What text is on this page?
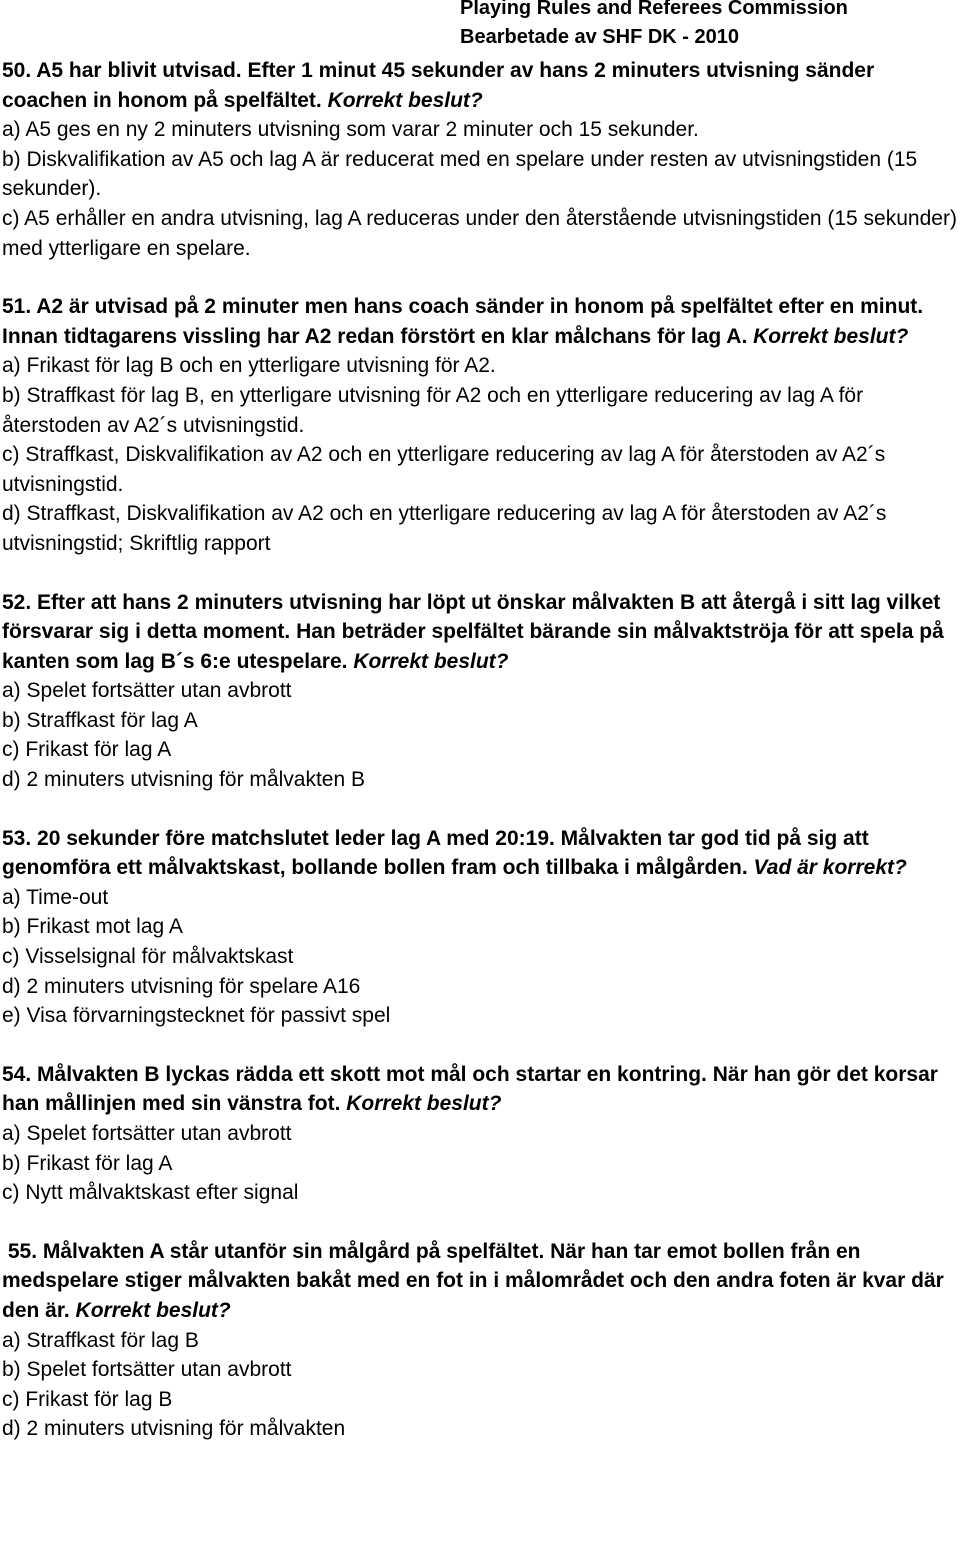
Playing Rules and Referees Commission
Bearbetade av SHF DK - 2010

50. A5 har blivit utvisad. Efter 1 minut 45 sekunder av hans 2 minuters utvisning sänder coachen in honom på spelfältet. Korrekt beslut?

a) A5 ges en ny 2 minuters utvisning som varar 2 minuter och 15 sekunder.

b) Diskvalifikation av A5 och lag A är reducerat med en spelare under resten av utvisningstiden (15 sekunder).

c) A5 erhåller en andra utvisning, lag A reduceras under den återstående utvisningstiden (15 sekunder) med ytterligare en spelare.

51. A2 är utvisad på 2 minuter men hans coach sänder in honom på spelfältet efter en minut. Innan tidtagarens vissling har A2 redan förstört en klar målchans för lag A. Korrekt beslut?

a) Frikast för lag B och en ytterligare utvisning för A2.

b) Straffkast för lag B, en ytterligare utvisning för A2 och en ytterligare reducering av lag A för återstoden av A2´s utvisningstid.

c) Straffkast, Diskvalifikation av A2 och en ytterligare reducering av lag A för återstoden av A2´s utvisningstid.

d) Straffkast, Diskvalifikation av A2 och en ytterligare reducering av lag A för återstoden av A2´s utvisningstid; Skriftlig rapport

52. Efter att hans 2 minuters utvisning har löpt ut önskar målvakten B att återgå i sitt lag vilket försvarar sig i detta moment. Han beträder spelfältet bärande sin målvaktströja för att spela på kanten som lag B´s 6:e utespelare. Korrekt beslut?

a) Spelet fortsätter utan avbrott

b) Straffkast för lag A

c) Frikast för lag A

d) 2 minuters utvisning för målvakten B

53. 20 sekunder före matchslutet leder lag A med 20:19. Målvakten tar god tid på sig att genomföra ett målvaktskast, bollande bollen fram och tillbaka i målgården. Vad är korrekt?

a) Time-out

b) Frikast mot lag A

c) Visselsignal för målvaktskast

d) 2 minuters utvisning för spelare A16

e) Visa förvarningstecknet för passivt spel

54. Målvakten B lyckas rädda ett skott mot mål och startar en kontring. När han gör det korsar han mållinjen med sin vänstra fot. Korrekt beslut?

a) Spelet fortsätter utan avbrott

b) Frikast för lag A

c) Nytt målvaktskast efter signal

55. Målvakten A står utanför sin målgård på spelfältet. När han tar emot bollen från en medspelare stiger målvakten bakåt med en fot in i målområdet och den andra foten är kvar där den är. Korrekt beslut?

a) Straffkast för lag B

b) Spelet fortsätter utan avbrott

c) Frikast för lag B

d) 2 minuters utvisning för målvakten
